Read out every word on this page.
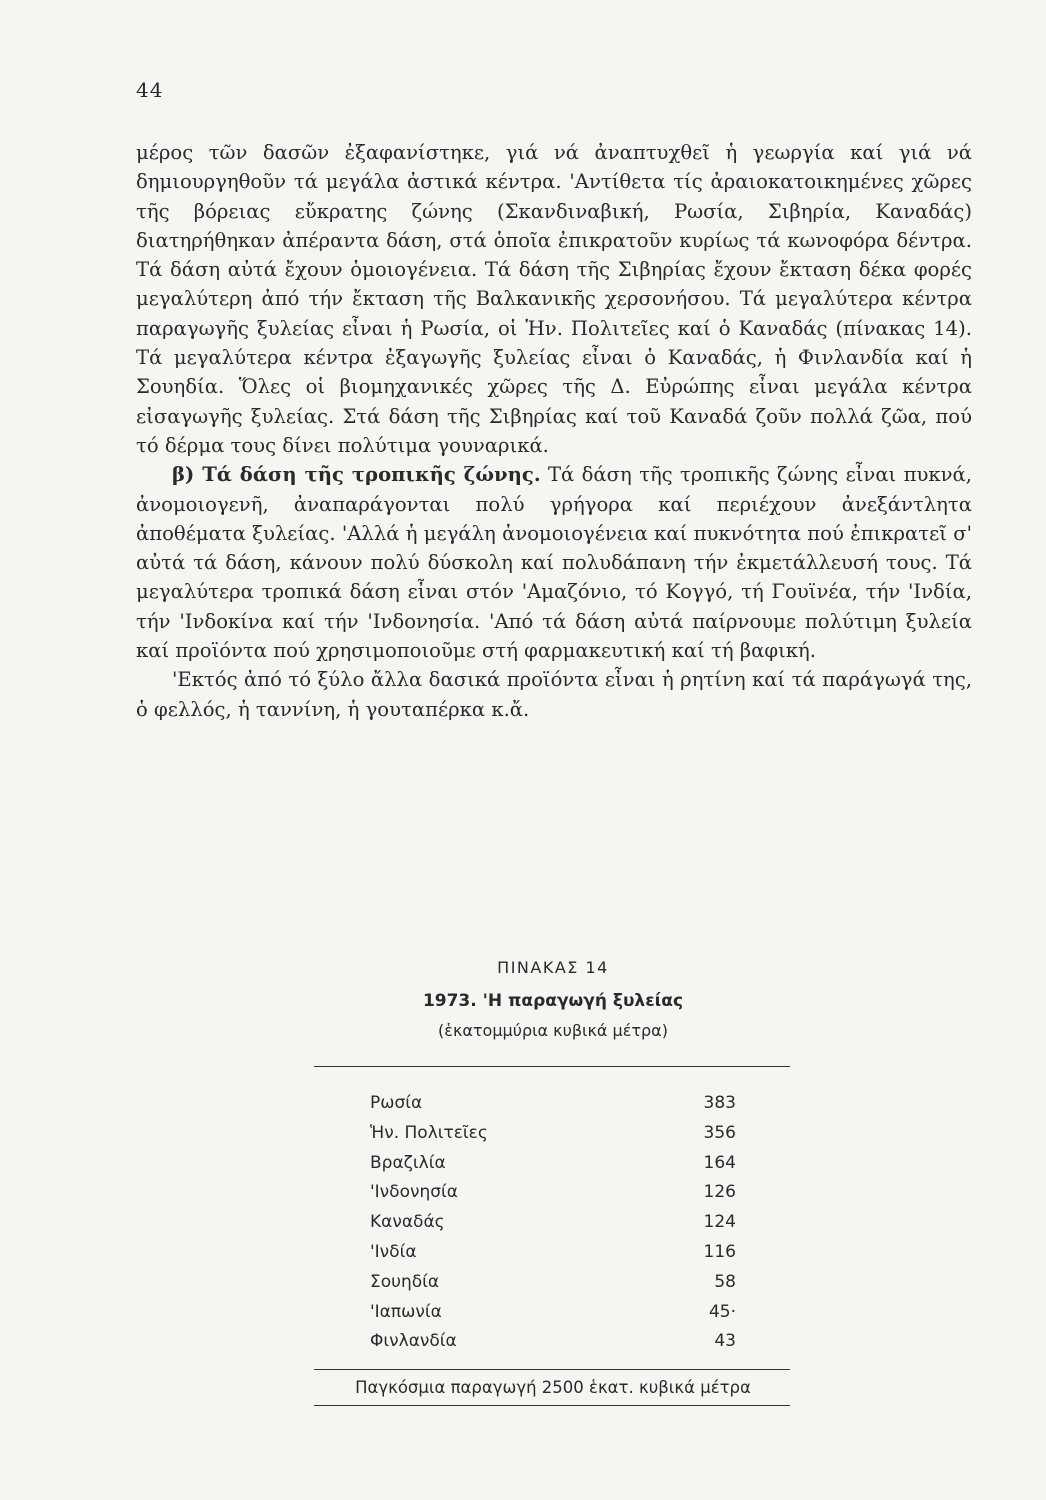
44

μέρος τῶν δασῶν ἐξαφανίστηκε, γιά νά ἀναπτυχθεῖ ἡ γεωργία καί γιά νά δημιουργηθοῦν τά μεγάλα ἀστικά κέντρα. 'Αντίθετα τίς ἀραιοκατοικημένες χῶρες τῆς βόρειας εὔκρατης ζώνης (Σκανδιναβική, Ρωσία, Σιβηρία, Καναδάς) διατηρήθηκαν ἀπέραντα δάση, στά ὁποῖα ἐπικρατοῦν κυρίως τά κωνοφόρα δέντρα. Τά δάση αὐτά ἔχουν ὁμοιογένεια. Τά δάση τῆς Σιβηρίας ἔχουν ἔκταση δέκα φορές μεγαλύτερη ἀπό τήν ἔκταση τῆς Βαλκανικῆς χερσονήσου. Τά μεγαλύτερα κέντρα παραγωγῆς ξυλείας εἶναι ἡ Ρωσία, οἱ Ἡν. Πολιτεῖες καί ὁ Καναδάς (πίνακας 14). Τά μεγαλύτερα κέντρα ἐξαγωγῆς ξυλείας εἶναι ὁ Καναδάς, ἡ Φινλανδία καί ἡ Σουηδία. Ὅλες οἱ βιομηχανικές χῶρες τῆς Δ. Εὐρώπης εἶναι μεγάλα κέντρα εἰσαγωγῆς ξυλείας. Στά δάση τῆς Σιβηρίας καί τοῦ Καναδά ζοῦν πολλά ζῶα, πού τό δέρμα τους δίνει πολύτιμα γουναρικά.

β) Τά δάση τῆς τροπικῆς ζώνης. Τά δάση τῆς τροπικῆς ζώνης εἶναι πυκνά, ἀνομοιογενῆ, ἀναπαράγονται πολύ γρήγορα καί περιέχουν ἀνεξάντλητα ἀποθέματα ξυλείας. 'Αλλά ἡ μεγάλη ἀνομοιογένεια καί πυκνότητα πού ἐπικρατεῖ σ' αὐτά τά δάση, κάνουν πολύ δύσκολη καί πολυδάπανη τήν ἐκμετάλλευσή τους. Τά μεγαλύτερα τροπικά δάση εἶναι στόν 'Αμαζόνιο, τό Κογγό, τή Γουϊνέα, τήν 'Ινδία, τήν 'Ινδοκίνα καί τήν 'Ινδονησία. 'Από τά δάση αὐτά παίρνουμε πολύτιμη ξυλεία καί προϊόντα πού χρησιμοποιοῦμε στή φαρμακευτική καί τή βαφική.

'Εκτός ἀπό τό ξύλο ἄλλα δασικά προϊόντα εἶναι ἡ ρητίνη καί τά παράγωγά της, ὁ φελλός, ἡ ταννίνη, ἡ γουταπέρκα κ.ἄ.

ΠΙΝΑΚΑΣ 14
1973. 'Η παραγωγή ξυλείας
(ἑκατομμύρια κυβικά μέτρα)
Ρωσία	383
Ἡν. Πολιτεῖες	356
Βραζιλία	164
'Ινδονησία	126
Καναδάς	124
'Ινδία	116
Σουηδία	58
'Ιαπωνία	45·
Φινλανδία	43
Παγκόσμια παραγωγή 2500 ἑκατ. κυβικά μέτρα
